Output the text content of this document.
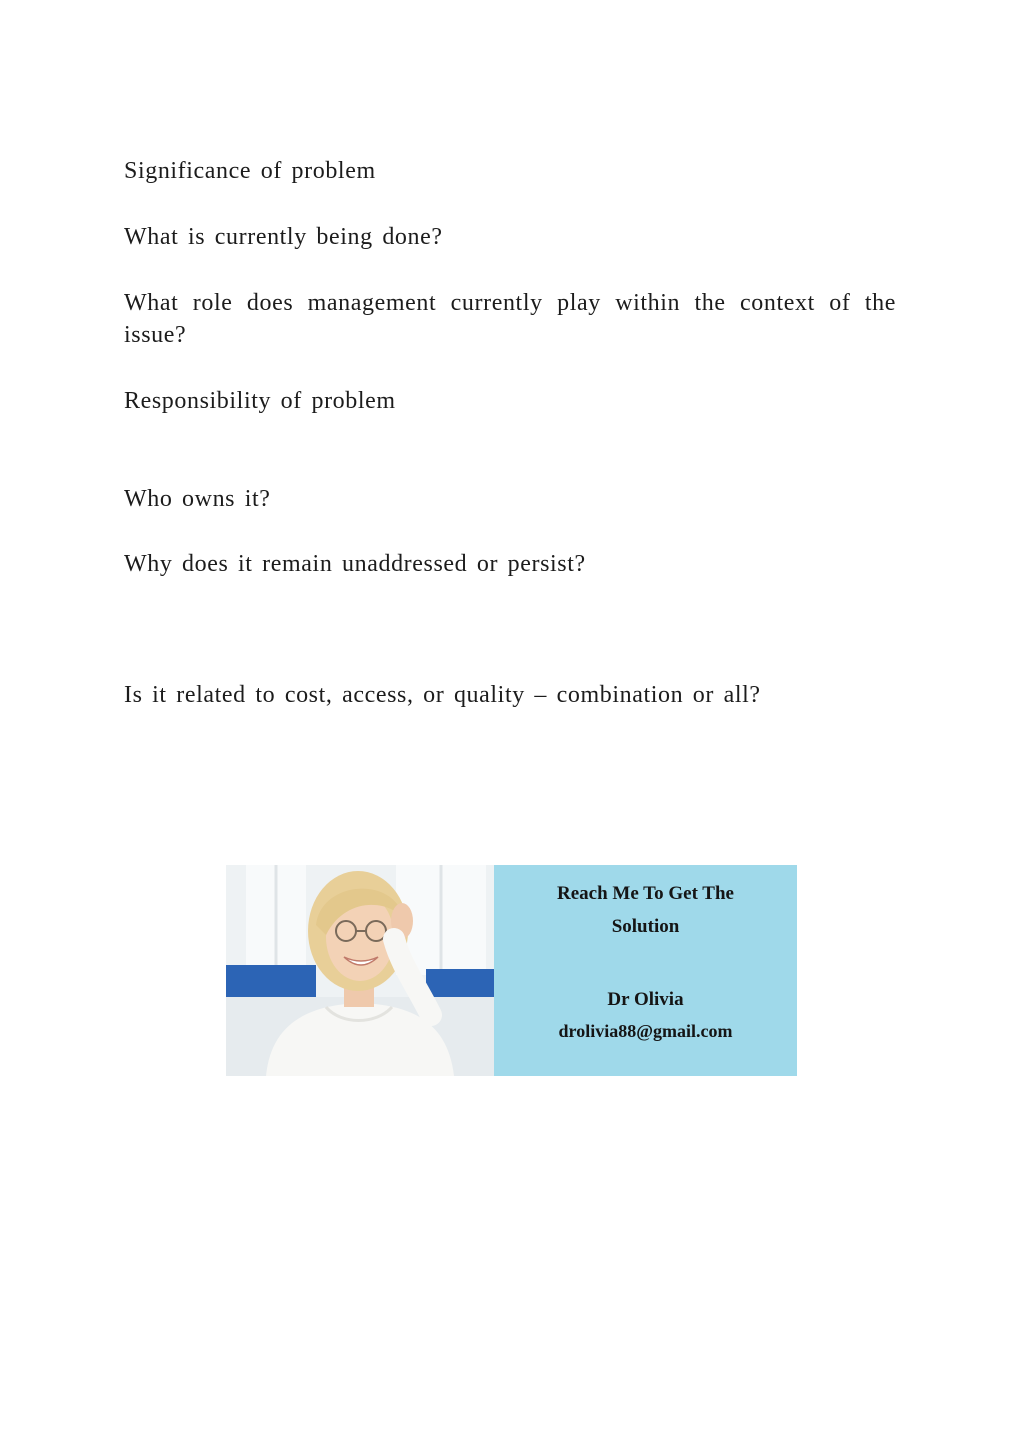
Significance of problem

What is currently being done?

What role does management currently play within the context of the issue?

Responsibility of problem

Who owns it?

Why does it remain unaddressed or persist?

Is it related to cost, access, or quality – combination or all?

Reach Me To Get The
Solution
Dr Olivia
drolivia88@gmail.com
